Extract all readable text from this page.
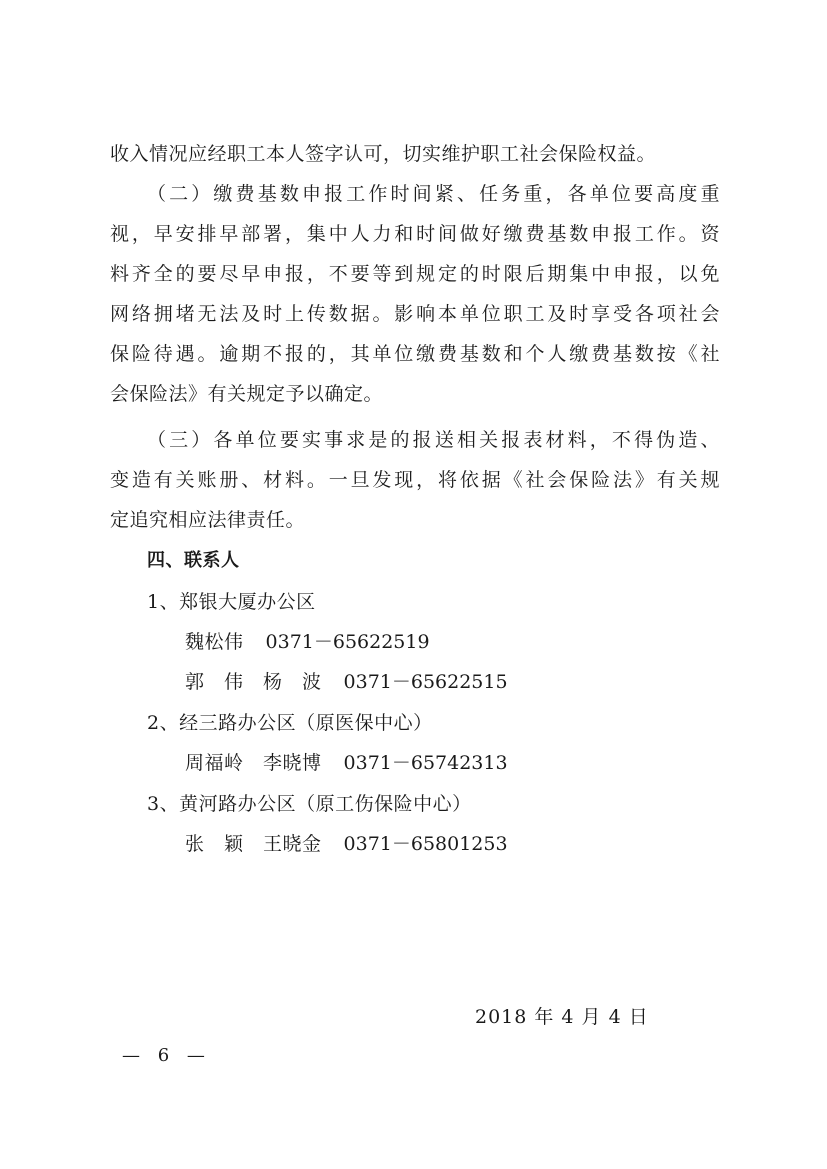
收入情况应经职工本人签字认可，切实维护职工社会保险权益。
（二）缴费基数申报工作时间紧、任务重，各单位要高度重
视，早安排早部署，集中人力和时间做好缴费基数申报工作。资
料齐全的要尽早申报，不要等到规定的时限后期集中申报，以免
网络拥堵无法及时上传数据。影响本单位职工及时享受各项社会
保险待遇。逾期不报的，其单位缴费基数和个人缴费基数按《社
会保险法》有关规定予以确定。
（三）各单位要实事求是的报送相关报表材料，不得伪造、
变造有关账册、材料。一旦发现，将依据《社会保险法》有关规
定追究相应法律责任。
四、联系人
1、郑银大厦办公区
魏松伟 0371－65622519
郭　伟　杨　波 0371－65622515
2、经三路办公区（原医保中心）
周福岭　李晓博 0371－65742313
3、黄河路办公区（原工伤保险中心）
张　颖　王晓金 0371－65801253
2018 年 4 月 4 日
— 6 —
